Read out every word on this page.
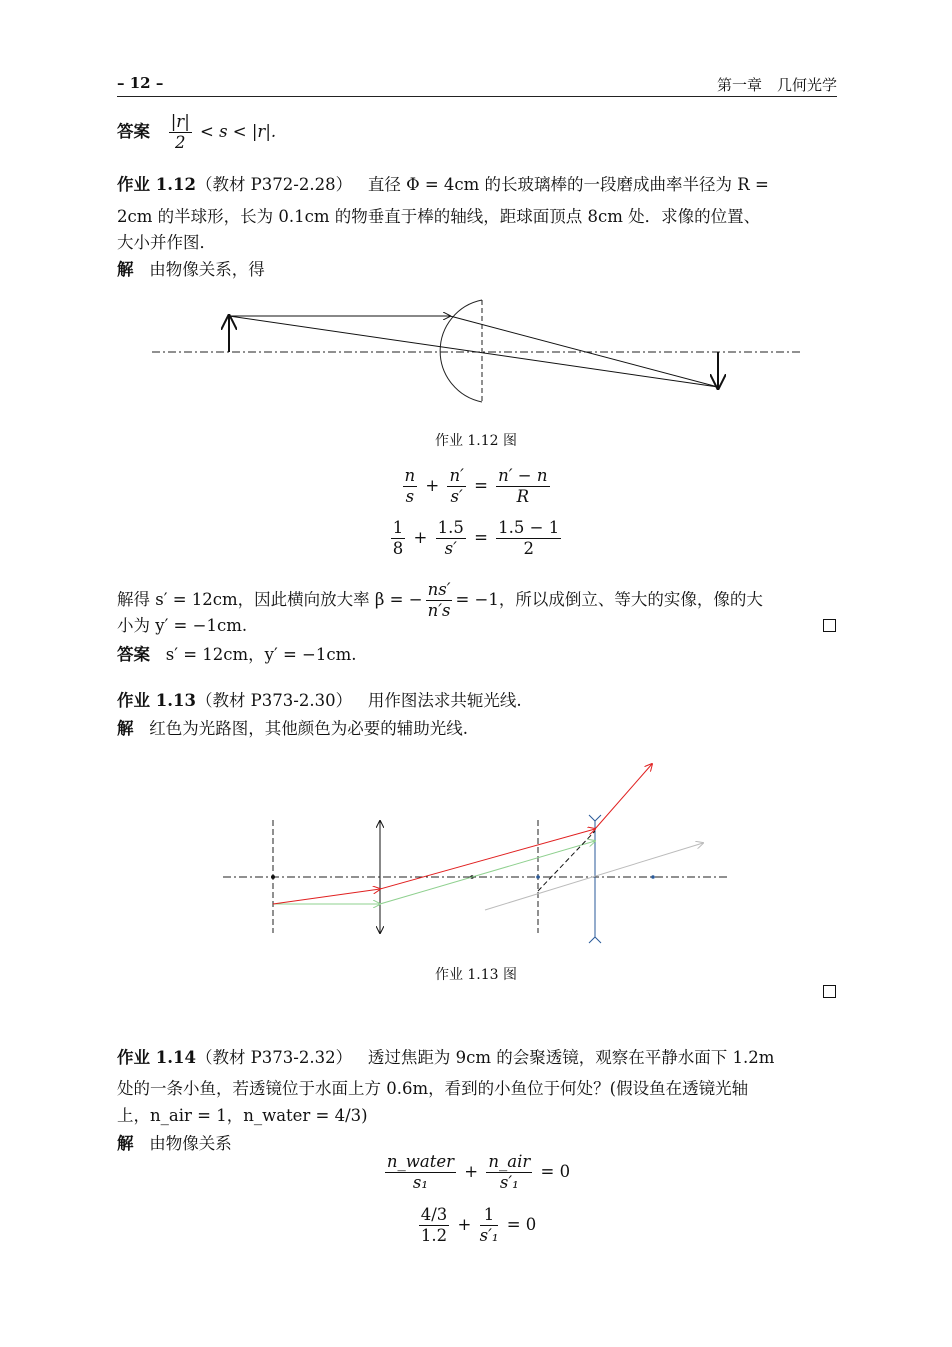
– 12 –	第一章　几何光学
答案 $\frac{|r|}{2} < s < |r|$.
作业 1.12（教材 P372-2.28） 直径 Φ = 4cm 的长玻璃棒的一段磨成曲率半径为 R =
2cm 的半球形，长为 0.1cm 的物垂直于棒的轴线，距球面顶点 8cm 处．求像的位置、
大小并作图．
解 由物像关系，得
作业 1.12 图
$\frac{n}{s} + \frac{n'}{s'} = \frac{n' - n}{R}$
$\frac{1}{8} + \frac{1.5}{s'} = \frac{1.5 - 1}{2}$
解得 s′ = 12cm，因此横向放大率 β = − $\frac{ns'}{n's} = -1$，所以成倒立、等大的实像，像的大
小为 y′ = −1cm.
答案 s′ = 12cm，y′ = −1cm.
作业 1.13（教材 P373-2.30） 用作图法求共轭光线.
解 红色为光路图，其他颜色为必要的辅助光线.
作业 1.13 图
作业 1.14（教材 P373-2.32） 透过焦距为 9cm 的会聚透镜，观察在平静水面下 1.2m
处的一条小鱼，若透镜位于水面上方 0.6m，看到的小鱼位于何处？(假设鱼在透镜光轴
上，n_air = 1，n_water = 4/3)
解 由物像关系
$\frac{\text{n\_water}}{\text{s₁}} + \frac{\text{n\_air}}{\text{s′₁}} = 0$
$\frac{4/3}{1.2} + \frac{1}{\text{s′₁}} = 0$
